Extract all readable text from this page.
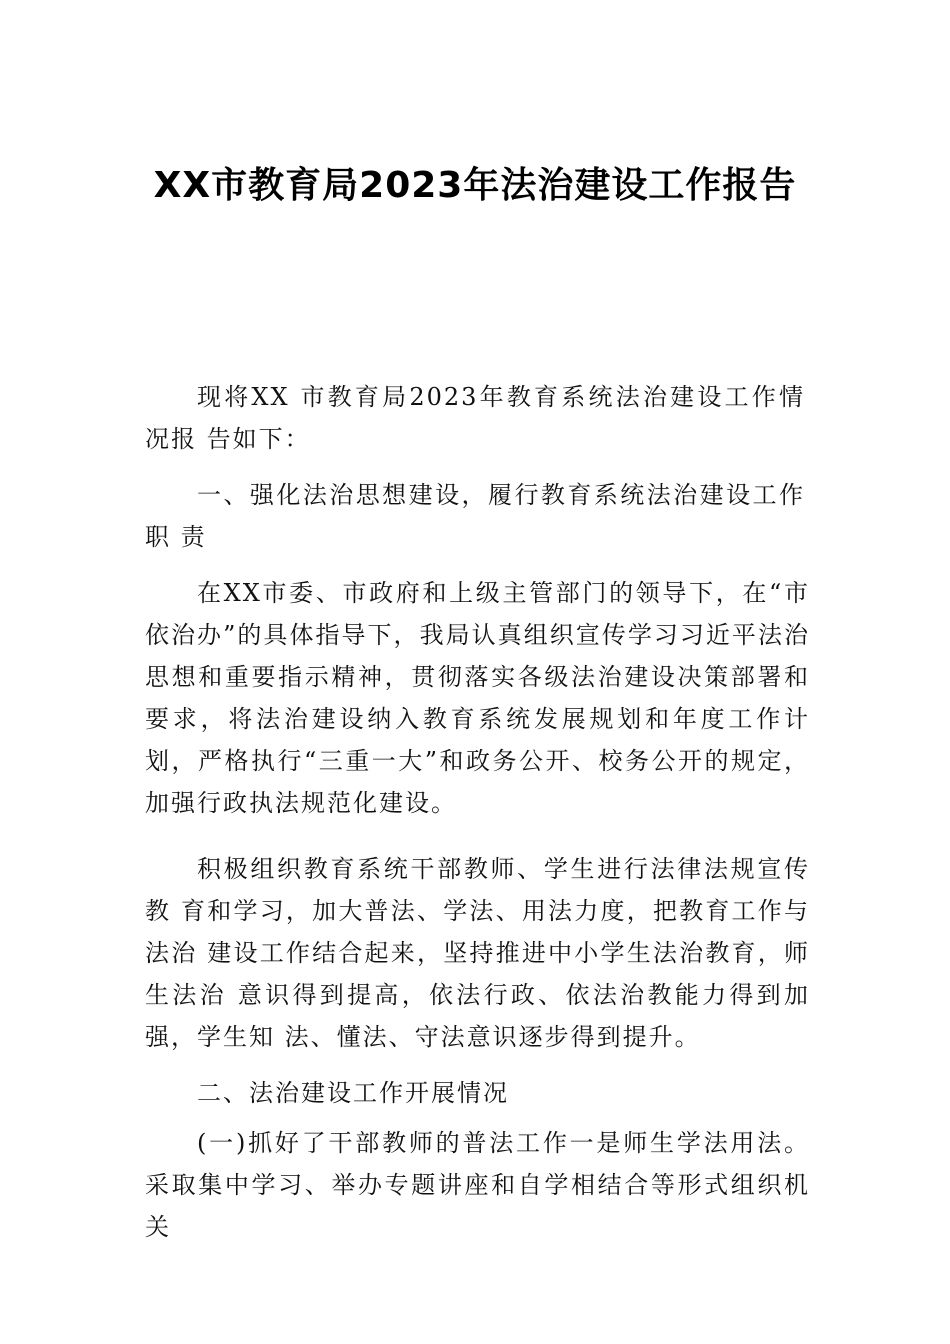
XX市教育局2023年法治建设工作报告

现将XX 市教育局2023年教育系统法治建设工作情况报 告如下：

一、强化法治思想建设，履行教育系统法治建设工作职 责

在XX市委、市政府和上级主管部门的领导下，在“市依治办”的具体指导下，我局认真组织宣传学习习近平法治思想和重要指示精神，贯彻落实各级法治建设决策部署和要求，将法治建设纳入教育系统发展规划和年度工作计划，严格执行“三重一大”和政务公开、校务公开的规定，加强行政执法规范化建设。

积极组织教育系统干部教师、学生进行法律法规宣传教 育和学习，加大普法、学法、用法力度，把教育工作与法治 建设工作结合起来，坚持推进中小学生法治教育，师生法治 意识得到提高，依法行政、依法治教能力得到加强，学生知 法、懂法、守法意识逐步得到提升。

二、法治建设工作开展情况

(一)抓好了干部教师的普法工作一是师生学法用法。采取集中学习、举办专题讲座和自学相结合等形式组织机关
